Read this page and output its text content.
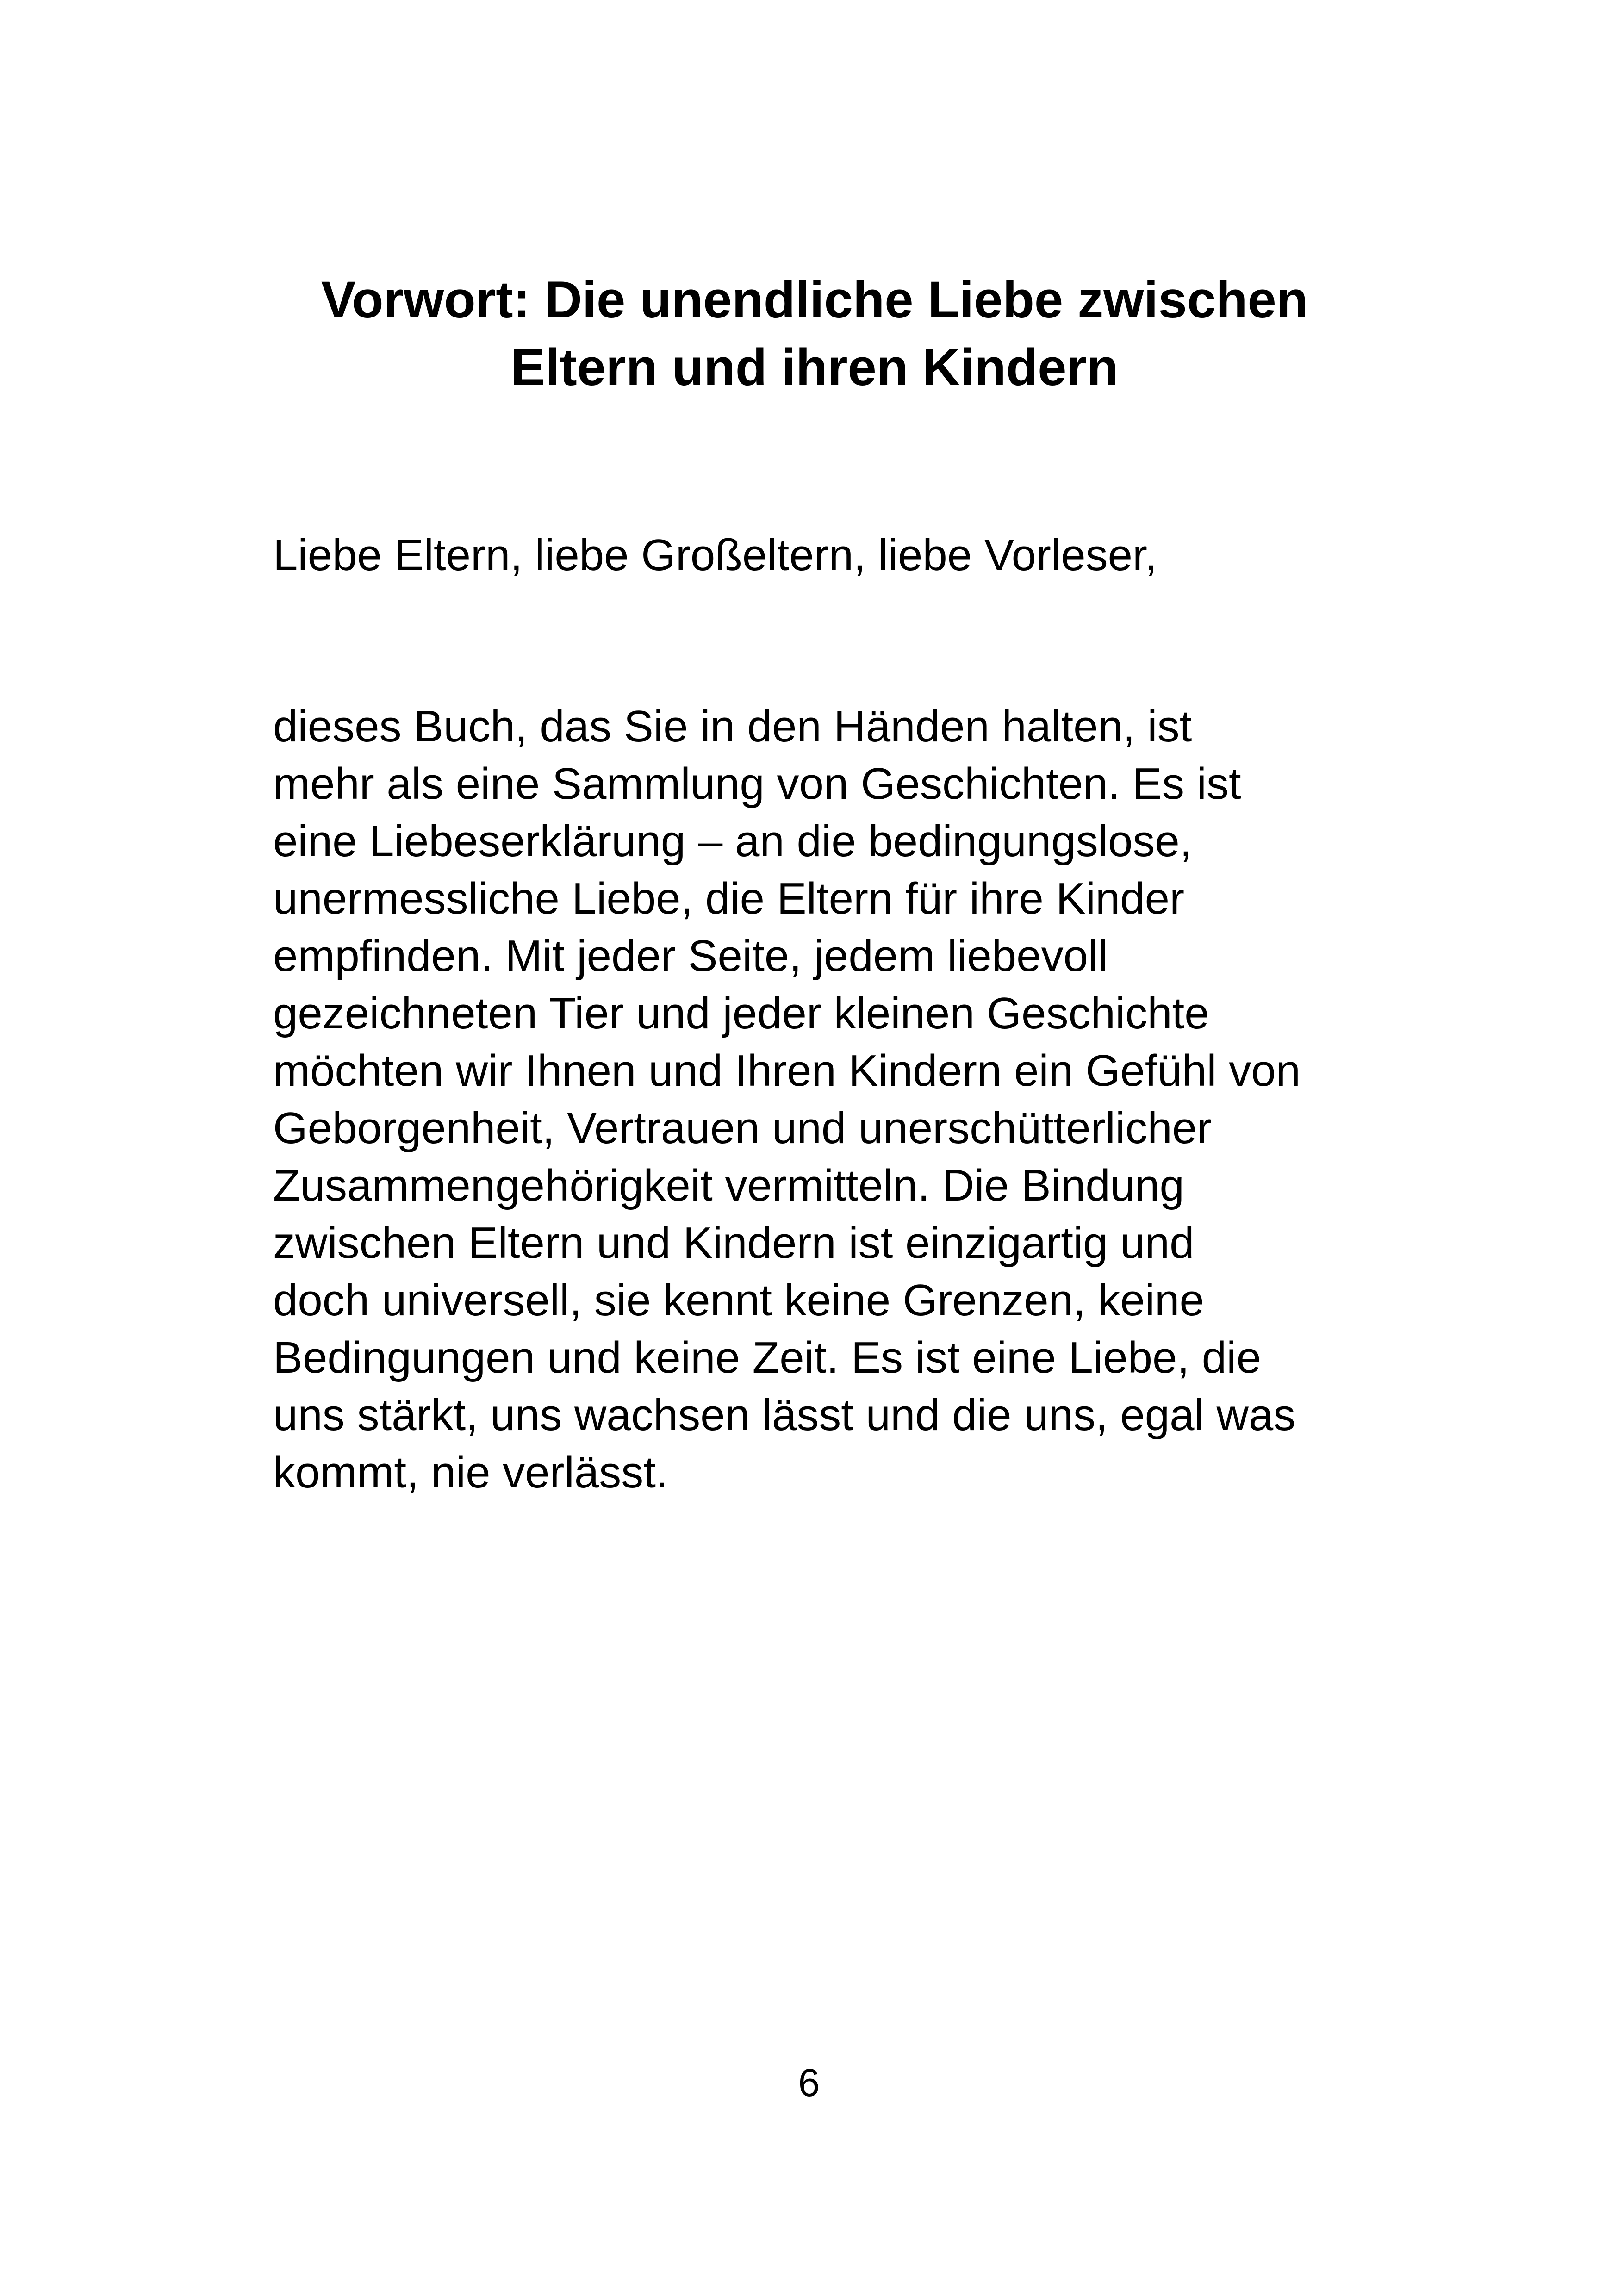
Vorwort: Die unendliche Liebe zwischen
Eltern und ihren Kindern

Liebe Eltern, liebe Großeltern, liebe Vorleser,

dieses Buch, das Sie in den Händen halten, ist
mehr als eine Sammlung von Geschichten. Es ist
eine Liebeserklärung – an die bedingungslose,
unermessliche Liebe, die Eltern für ihre Kinder
empfinden. Mit jeder Seite, jedem liebevoll
gezeichneten Tier und jeder kleinen Geschichte
möchten wir Ihnen und Ihren Kindern ein Gefühl von
Geborgenheit, Vertrauen und unerschütterlicher
Zusammengehörigkeit vermitteln. Die Bindung
zwischen Eltern und Kindern ist einzigartig und
doch universell, sie kennt keine Grenzen, keine
Bedingungen und keine Zeit. Es ist eine Liebe, die
uns stärkt, uns wachsen lässt und die uns, egal was
kommt, nie verlässt.

6
